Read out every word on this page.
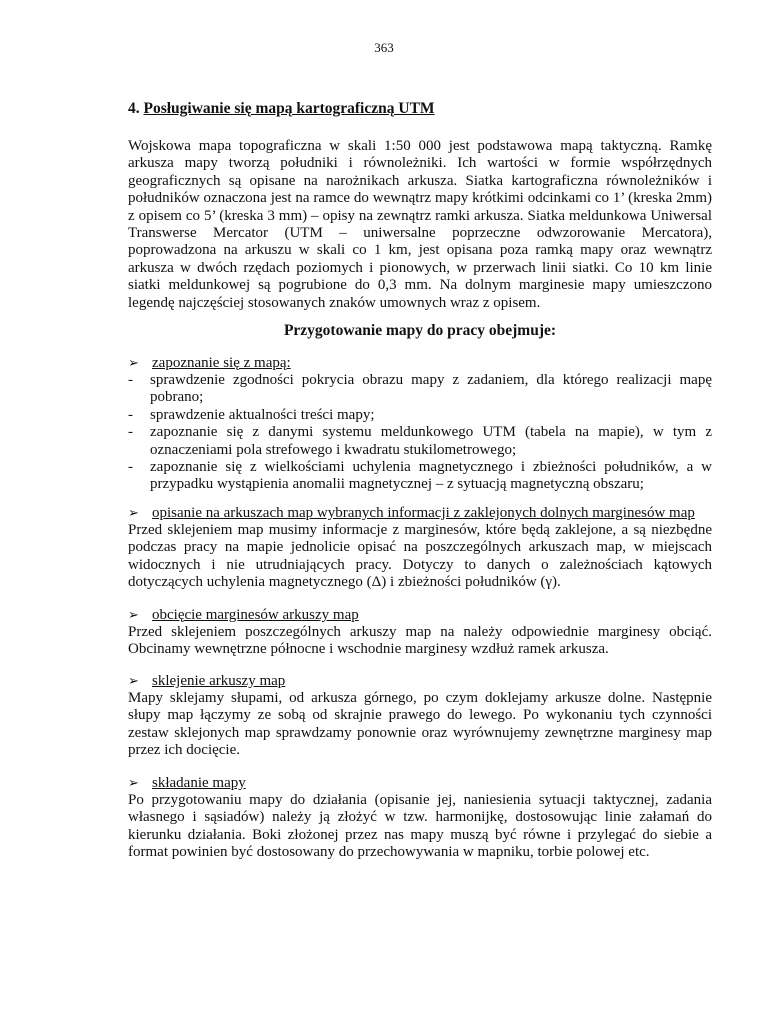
363
4. Posługiwanie się mapą kartograficzną UTM

Wojskowa mapa topograficzna w skali 1:50 000 jest podstawowa mapą taktyczną. Ramkę arkusza mapy tworzą południki i równoleżniki. Ich wartości w formie współrzędnych geograficznych są opisane na narożnikach arkusza. Siatka kartograficzna równoleżników i południków oznaczona jest na ramce do wewnątrz mapy krótkimi odcinkami co 1’ (kreska 2mm) z opisem co 5’ (kreska 3 mm) – opisy na zewnątrz ramki arkusza. Siatka meldunkowa Uniwersal Transwerse Mercator (UTM – uniwersalne poprzeczne odwzorowanie Mercatora), poprowadzona na arkuszu w skali co 1 km, jest opisana poza ramką mapy oraz wewnątrz arkusza w dwóch rzędach poziomych i pionowych, w przerwach linii siatki. Co 10 km linie siatki meldunkowej są pogrubione do 0,3 mm. Na dolnym marginesie mapy umieszczono legendę najczęściej stosowanych znaków umownych wraz z opisem.

Przygotowanie mapy do pracy obejmuje:

➢ zapoznanie się z mapą:

- sprawdzenie zgodności pokrycia obrazu mapy z zadaniem, dla którego realizacji mapę pobrano;
- sprawdzenie aktualności treści mapy;
- zapoznanie się z danymi systemu meldunkowego UTM (tabela na mapie), w tym z oznaczeniami pola strefowego i kwadratu stukilometrowego;
- zapoznanie się z wielkościami uchylenia magnetycznego i zbieżności południków, a w przypadku wystąpienia anomalii magnetycznej – z sytuacją magnetyczną obszaru;

➢ opisanie na arkuszach map wybranych informacji z zaklejonych dolnych marginesów map

Przed sklejeniem map musimy informacje z marginesów, które będą zaklejone, a są niezbędne podczas pracy na mapie jednolicie opisać na poszczególnych arkuszach map, w miejscach widocznych i nie utrudniających pracy. Dotyczy to danych o zależnościach kątowych dotyczących uchylenia magnetycznego (Δ) i zbieżności południków (γ).

➢ obcięcie marginesów arkuszy map

Przed sklejeniem poszczególnych arkuszy map na należy odpowiednie marginesy obciąć. Obcinamy wewnętrzne północne i wschodnie marginesy wzdłuż ramek arkusza.

➢ sklejenie arkuszy map

Mapy sklejamy słupami, od arkusza górnego, po czym doklejamy arkusze dolne. Następnie słupy map łączymy ze sobą od skrajnie prawego do lewego. Po wykonaniu tych czynności zestaw sklejonych map sprawdzamy ponownie oraz wyrównujemy zewnętrzne marginesy map przez ich docięcie.

➢ składanie mapy

Po przygotowaniu mapy do działania (opisanie jej, naniesienia sytuacji taktycznej, zadania własnego i sąsiadów) należy ją złożyć w tzw. harmonijkę, dostosowując linie załamań do kierunku działania. Boki złożonej przez nas mapy muszą być równe i przylegać do siebie a format powinien być dostosowany do przechowywania w mapniku, torbie polowej etc.
